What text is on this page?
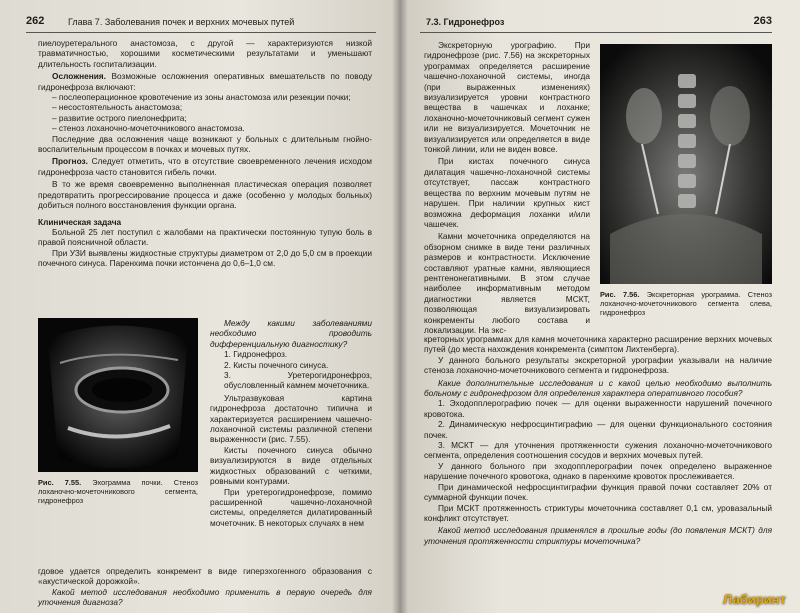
262	Глава 7. Заболевания почек и верхних мочевых путей

пиелоуретерального анастомоза, с другой — характеризуются низкой травматичностью, хорошими косметическими результатами и уменьшают длительность госпитализации.

Осложнения. Возможные осложнения оперативных вмешательств по поводу гидронефроза включают:

– послеоперационное кровотечение из зоны анастомоза или резекции почки;

– несостоятельность анастомоза;

– развитие острого пиелонефрита;

– стеноз лоханочно-мочеточникового анастомоза.

Последние два осложнения чаще возникают у больных с длительным гнойно-воспалительным процессом в почках и мочевых путях.

Прогноз. Следует отметить, что в отсутствие своевременного лечения исходом гидронефроза часто становится гибель почки.

В то же время своевременно выполненная пластическая операция позволяет предотвратить прогрессирование процесса и даже (особенно у молодых больных) добиться полного восстановления функции органа.

Клиническая задача

Больной 25 лет поступил с жалобами на практически постоянную тупую боль в правой поясничной области.

При УЗИ выявлены жидкостные структуры диаметром от 2,0 до 5,0 см в проекции почечного синуса. Паренхима почки истончена до 0,6–1,0 см.

Рис. 7.55. Эхограмма почки. Стеноз лоханочно-мочеточникового сегмента, гидронефроз

Между какими заболеваниями необходимо проводить дифференциальную диагностику?

1. Гидронефроз.

2. Кисты почечного синуса.

3. Уретерогидронефроз, обусловленный камнем мочеточника.

Ультразвуковая картина гидронефроза достаточно типична и характеризуется расширением чашечно-лоханочной системы различной степени выраженности (рис. 7.55).

Кисты почечного синуса обычно визуализируются в виде отдельных жидкостных образований с четкими, ровными контурами.

При уретерогидронефрозе, помимо расширенной чашечно-лоханочной системы, определяется дилатированный мочеточник. В некоторых случаях в нем

гдовое удается определить конкремент в виде гиперэхогенного образования с «акустической дорожкой».

Какой метод исследования необходимо применить в первую очередь для уточнения диагноза?

7.3. Гидронефроз	263

Экскреторную урографию. При гидронефрозе (рис. 7.56) на экскреторных урограммах определяется расширение чашечно-лоханочной системы, иногда (при выраженных изменениях) визуализируется уровни контрастного вещества в чашечках и лоханке; лоханочно-мочеточниковый сегмент сужен или не визуализируется. Мочеточник не визуализируется или определяется в виде тонкой линии, или не виден вовсе.

При кистах почечного синуса дилатация чашечно-лоханочной системы отсутствует, пассаж контрастного вещества по верхним мочевым путям не нарушен. При наличии крупных кист возможна деформация лоханки и/или чашечек.

Камни мочеточника определяются на обзорном снимке в виде тени различных размеров и контрастности. Исключение составляют уратные камни, являющиеся рентгенонегативными. В этом случае наиболее информативным методом диагностики является МСКТ, позволяющая визуализировать конкременты любого состава и локализации. На экс-

Рис. 7.56. Экскреторная урограмма. Стеноз лоханочно-мочеточникового сегмента слева, гидронефроз

креторных урограммах для камня мочеточника характерно расширение верхних мочевых путей (до места нахождения конкремента (симптом Лихтенберга).

У данного больного результаты экскреторной урографии указывали на наличие стеноза лоханочно-мочеточникового сегмента и гидронефроза.

Какие дополнительные исследования и с какой целью необходимо выполнить больному с гидронефрозом для определения характера оперативного пособия?

1. Эходопплерографию почек — для оценки выраженности нарушений почечного кровотока.

2. Динамическую нефросцинтиграфию — для оценки функционального состояния почек.

3. МСКТ — для уточнения протяженности сужения лоханочно-мочеточникового сегмента, определения соотношения сосудов и верхних мочевых путей.

У данного больного при эходопплерографии почек определено выраженное нарушение почечного кровотока, однако в паренхиме кровоток прослеживается.

При динамической нефросцинтиграфии функция правой почки составляет 20% от суммарной функции почек.

При МСКТ протяженность стриктуры мочеточника составляет 0,1 см, уровазальный конфликт отсутствует.

Какой метод исследования применялся в прошлые годы (до появления МСКТ) для уточнения протяженности стриктуры мочеточника?

Лабиринт
